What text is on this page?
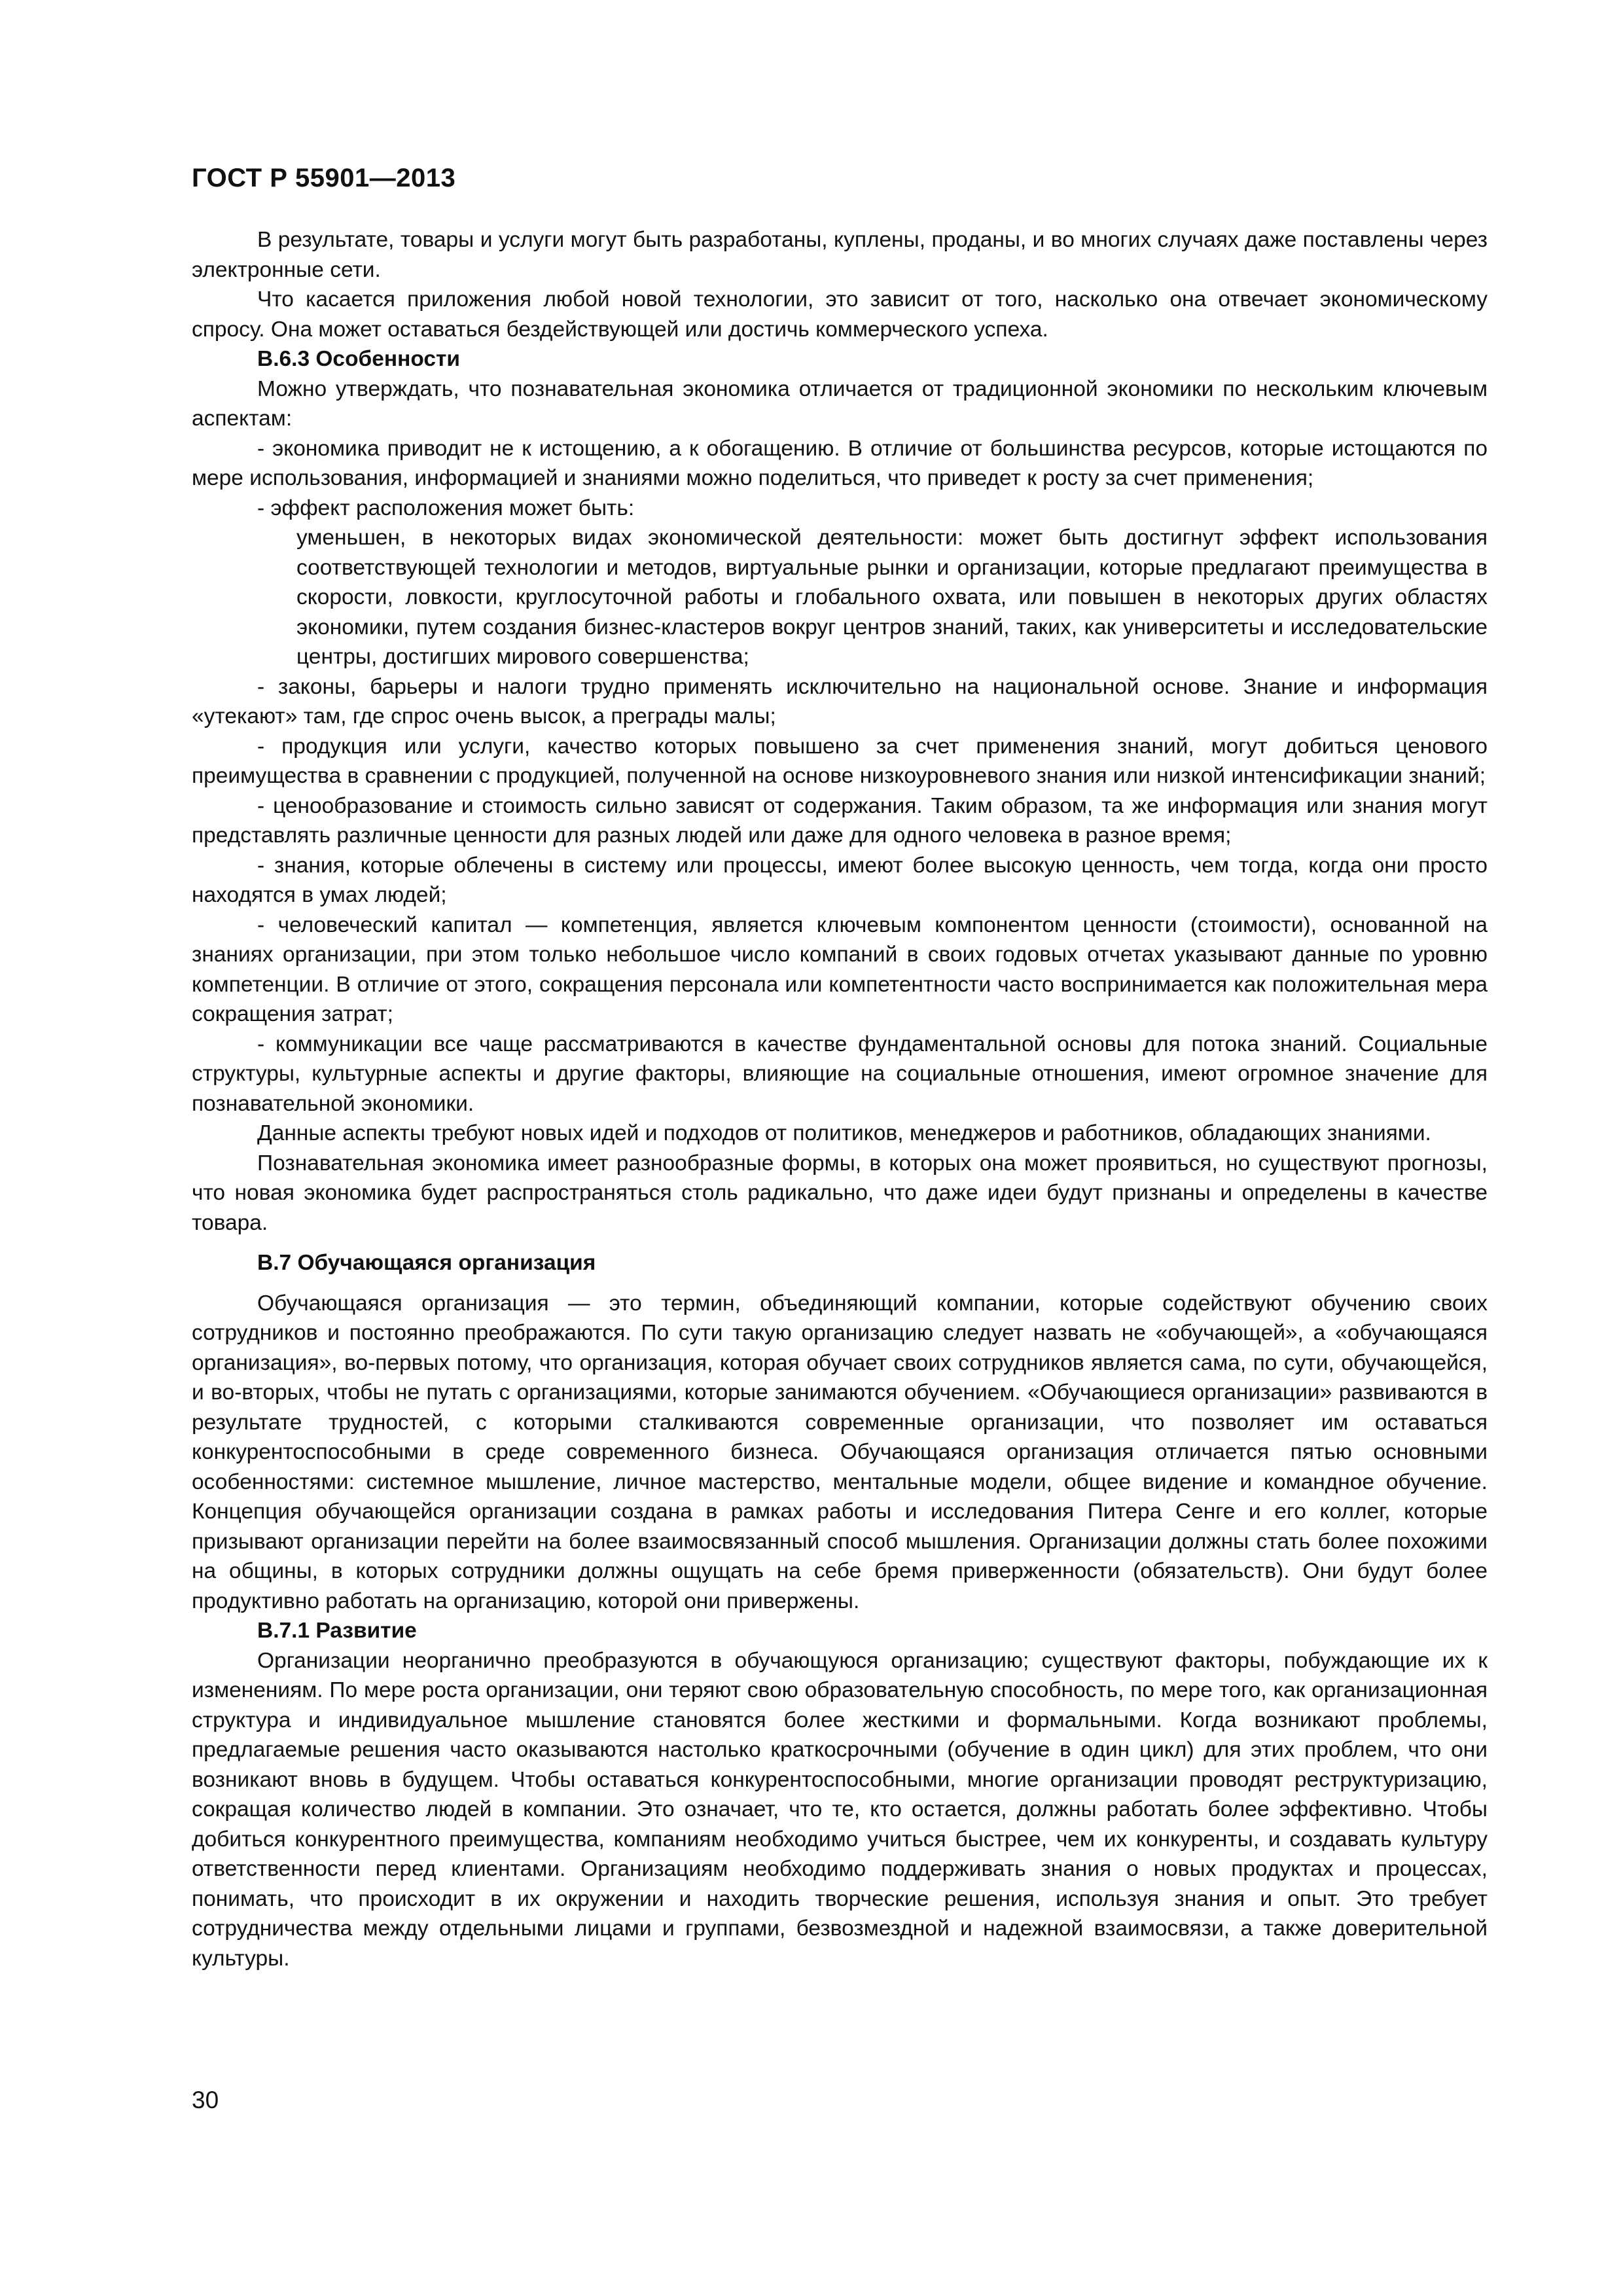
ГОСТ Р 55901—2013

В результате, товары и услуги могут быть разработаны, куплены, проданы, и во многих случаях даже поставлены через электронные сети.

Что касается приложения любой новой технологии, это зависит от того, насколько она отвечает экономическому спросу. Она может оставаться бездействующей или достичь коммерческого успеха.

В.6.3 Особенности

Можно утверждать, что познавательная экономика отличается от традиционной экономики по нескольким ключевым аспектам:

- экономика приводит не к истощению, а к обогащению. В отличие от большинства ресурсов, которые истощаются по мере использования, информацией и знаниями можно поделиться, что приведет к росту за счет применения;

- эффект расположения может быть:

уменьшен, в некоторых видах экономической деятельности: может быть достигнут эффект использования соответствующей технологии и методов, виртуальные рынки и организации, которые предлагают преимущества в скорости, ловкости, круглосуточной работы и глобального охвата, или повышен в некоторых других областях экономики, путем создания бизнес-кластеров вокруг центров знаний, таких, как университеты и исследовательские центры, достигших мирового совершенства;

- законы, барьеры и налоги трудно применять исключительно на национальной основе. Знание и информация «утекают» там, где спрос очень высок, а преграды малы;

- продукция или услуги, качество которых повышено за счет применения знаний, могут добиться ценового преимущества в сравнении с продукцией, полученной на основе низкоуровневого знания или низкой интенсификации знаний;

- ценообразование и стоимость сильно зависят от содержания. Таким образом, та же информация или знания могут представлять различные ценности для разных людей или даже для одного человека в разное время;

- знания, которые облечены в систему или процессы, имеют более высокую ценность, чем тогда, когда они просто находятся в умах людей;

- человеческий капитал — компетенция, является ключевым компонентом ценности (стоимости), основанной на знаниях организации, при этом только небольшое число компаний в своих годовых отчетах указывают данные по уровню компетенции. В отличие от этого, сокращения персонала или компетентности часто воспринимается как положительная мера сокращения затрат;

- коммуникации все чаще рассматриваются в качестве фундаментальной основы для потока знаний. Социальные структуры, культурные аспекты и другие факторы, влияющие на социальные отношения, имеют огромное значение для познавательной экономики.

Данные аспекты требуют новых идей и подходов от политиков, менеджеров и работников, обладающих знаниями.

Познавательная экономика имеет разнообразные формы, в которых она может проявиться, но существуют прогнозы, что новая экономика будет распространяться столь радикально, что даже идеи будут признаны и определены в качестве товара.

В.7 Обучающаяся организация

Обучающаяся организация — это термин, объединяющий компании, которые содействуют обучению своих сотрудников и постоянно преображаются. По сути такую организацию следует назвать не «обучающей», а «обучающаяся организация», во-первых потому, что организация, которая обучает своих сотрудников является сама, по сути, обучающейся, и во-вторых, чтобы не путать с организациями, которые занимаются обучением. «Обучающиеся организации» развиваются в результате трудностей, с которыми сталкиваются современные организации, что позволяет им оставаться конкурентоспособными в среде современного бизнеса. Обучающаяся организация отличается пятью основными особенностями: системное мышление, личное мастерство, ментальные модели, общее видение и командное обучение. Концепция обучающейся организации создана в рамках работы и исследования Питера Сенге и его коллег, которые призывают организации перейти на более взаимосвязанный способ мышления. Организации должны стать более похожими на общины, в которых сотрудники должны ощущать на себе бремя приверженности (обязательств). Они будут более продуктивно работать на организацию, которой они привержены.

В.7.1 Развитие

Организации неорганично преобразуются в обучающуюся организацию; существуют факторы, побуждающие их к изменениям. По мере роста организации, они теряют свою образовательную способность, по мере того, как организационная структура и индивидуальное мышление становятся более жесткими и формальными. Когда возникают проблемы, предлагаемые решения часто оказываются настолько краткосрочными (обучение в один цикл) для этих проблем, что они возникают вновь в будущем. Чтобы оставаться конкурентоспособными, многие организации проводят реструктуризацию, сокращая количество людей в компании. Это означает, что те, кто остается, должны работать более эффективно. Чтобы добиться конкурентного преимущества, компаниям необходимо учиться быстрее, чем их конкуренты, и создавать культуру ответственности перед клиентами. Организациям необходимо поддерживать знания о новых продуктах и процессах, понимать, что происходит в их окружении и находить творческие решения, используя знания и опыт. Это требует сотрудничества между отдельными лицами и группами, безвозмездной и надежной взаимосвязи, а также доверительной культуры.

30
